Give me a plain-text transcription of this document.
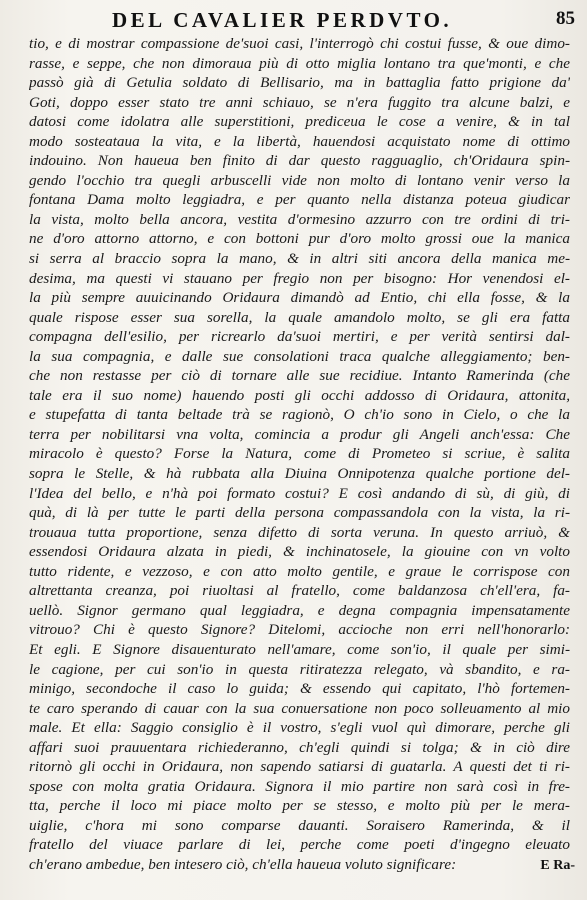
DEL CAVALIER PERDVTO.	85
tio, e di mostrar compassione de'suoi casi, l'interrogò chi costui fusse, & oue dimo-
rasse, e seppe, che non dimoraua più di otto miglia lontano tra que'monti, e che
passò già di Getulia soldato di Bellisario, ma in battaglia fatto prigione da'
Goti, doppo esser stato tre anni schiauo, se n'era fuggito tra alcune balzi, e
datosi come idolatra alle superstitioni, prediceua le cose a venire, & in tal
modo sosteataua la vita, e la libertà, hauendosi acquistato nome di ottimo
indouino. Non haueua ben finito di dar questo ragguaglio, ch'Oridaura spin-
gendo l'occhio tra quegli arbuscelli vide non molto di lontano venir verso la
fontana Dama molto leggiadra, e per quanto nella distanza poteua giudicar
la vista, molto bella ancora, vestita d'ormesino azzurro con tre ordini di tri-
ne d'oro attorno attorno, e con bottoni pur d'oro molto grossi oue la manica
si serra al braccio sopra la mano, & in altri siti ancora della manica me-
desima, ma questi vi stauano per fregio non per bisogno: Hor venendosi el-
la più sempre auuicinando Oridaura dimandò ad Entio, chi ella fosse, & la
quale rispose esser sua sorella, la quale amandolo molto, se gli era fatta
compagna dell'esilio, per ricrearlo da'suoi mertiri, e per verità sentirsi dal-
la sua compagnia, e dalle sue consolationi traca qualche alleggiamento; ben-
che non restasse per ciò di tornare alle sue recidiue. Intanto Ramerinda (che
tale era il suo nome) hauendo posti gli occhi addosso di Oridaura, attonita,
e stupefatta di tanta beltade trà se ragionò, O ch'io sono in Cielo, o che la
terra per nobilitarsi vna volta, comincia a produr gli Angeli anch'essa: Che
miracolo è questo? Forse la Natura, come di Prometeo si scriue, è salita
sopra le Stelle, & hà rubbata alla Diuina Onnipotenza qualche portione del-
l'Idea del bello, e n'hà poi formato costui? E così andando di sù, di giù, di
quà, di là per tutte le parti della persona compassandola con la vista, la ri-
trouaua tutta proportione, senza difetto di sorta veruna. In questo arriuò, &
essendosi Oridaura alzata in piedi, & inchinatosele, la giouine con vn volto
tutto ridente, e vezzoso, e con atto molto gentile, e graue le corrispose con
altrettanta creanza, poi riuoltasi al fratello, come baldanzosa ch'ell'era, fa-
uellò. Signor germano qual leggiadra, e degna compagnia impensatamente
vitrouo? Chi è questo Signore? Ditelomi, accioche non erri nell'honorarlo:
Et egli. E Signore disauenturato nell'amare, come son'io, il quale per simi-
le cagione, per cui son'io in questa ritiratezza relegato, và sbandito, e ra-
minigo, secondoche il caso lo guida; & essendo qui capitato, l'hò fortemen-
te caro sperando di cauar con la sua conuersatione non poco solleuamento al mio
male. Et ella: Saggio consiglio è il vostro, s'egli vuol quì dimorare, perche gli
affari suoi prauuentara richiederanno, ch'egli quindi si tolga; & in ciò dire
ritornò gli occhi in Oridaura, non sapendo satiarsi di guatarla. A questi det ti ri-
spose con molta gratia Oridaura. Signora il mio partire non sarà così in fre-
tta, perche il loco mi piace molto per se stesso, e molto più per le mera-
uiglie, c'hora mi sono comparse dauanti. Soraisero Ramerinda, & il
fratello del viuace parlare di lei, perche come poeti d'ingegno eleuato
ch'erano ambedue, ben intesero ciò, ch'ella haueua voluto significare:	E Ra-
